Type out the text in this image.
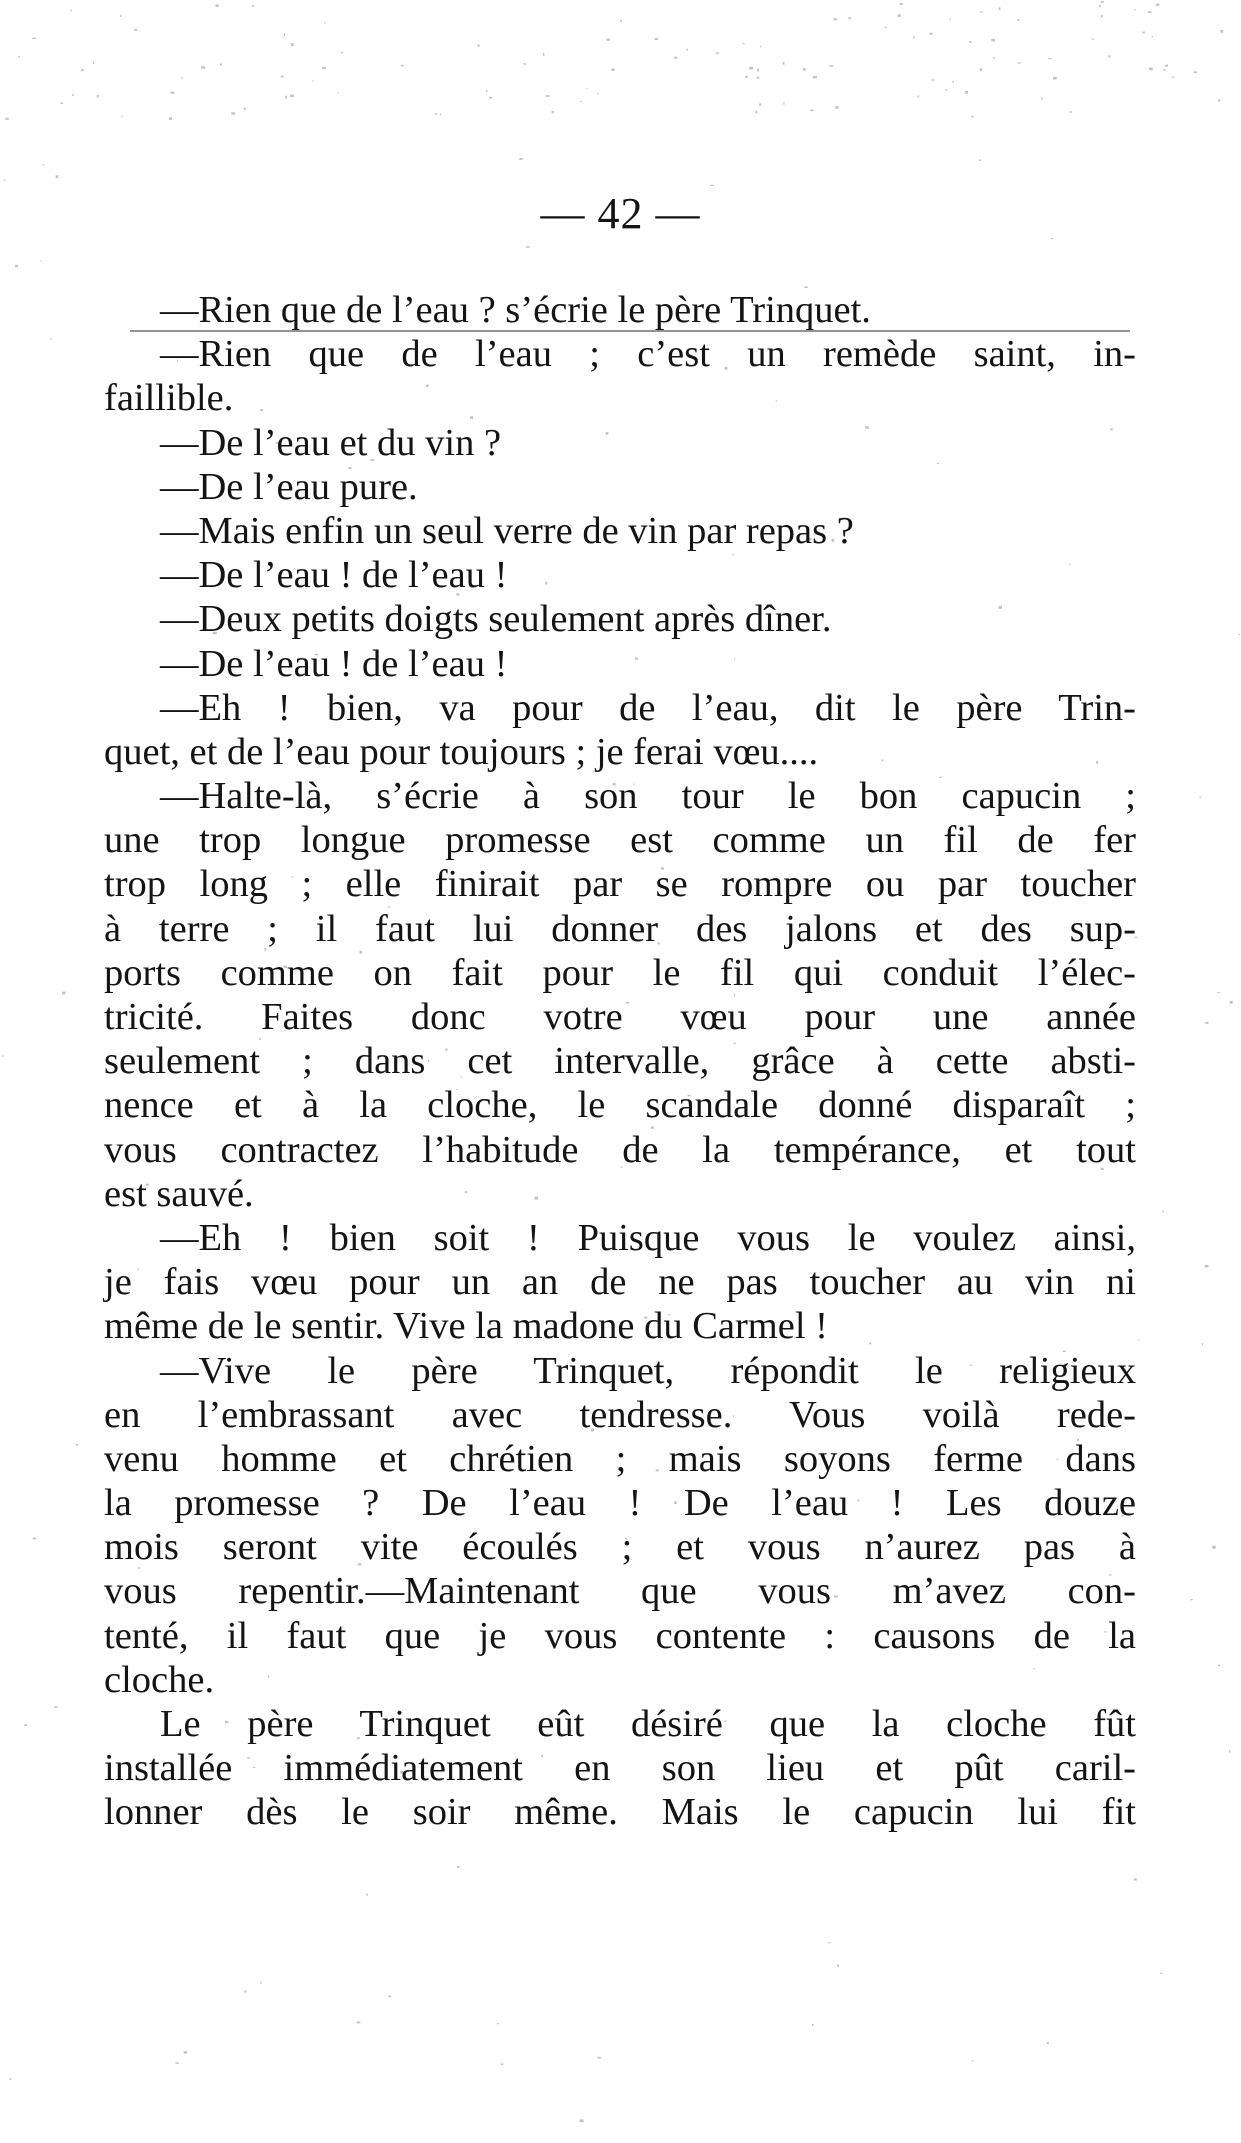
— 42 —
—Rien que de l’eau ? s’écrie le père Trinquet.
—Rien que de l’eau ; c’est un remède saint, in-
faillible.
—De l’eau et du vin ?
—De l’eau pure.
—Mais enfin un seul verre de vin par repas ?
—De l’eau ! de l’eau !
—Deux petits doigts seulement après dîner.
—De l’eau ! de l’eau !
—Eh ! bien, va pour de l’eau, dit le père Trin-
quet, et de l’eau pour toujours ; je ferai vœu....
—Halte-là, s’écrie à son tour le bon capucin ;
une trop longue promesse est comme un fil de fer
trop long ; elle finirait par se rompre ou par toucher
à terre ; il faut lui donner des jalons et des sup-
ports comme on fait pour le fil qui conduit l’élec-
tricité. Faites donc votre vœu pour une année
seulement ; dans cet intervalle, grâce à cette absti-
nence et à la cloche, le scandale donné disparaît ;
vous contractez l’habitude de la tempérance, et tout
est sauvé.
—Eh ! bien soit ! Puisque vous le voulez ainsi,
je fais vœu pour un an de ne pas toucher au vin ni
même de le sentir. Vive la madone du Carmel !
—Vive le père Trinquet, répondit le religieux
en l’embrassant avec tendresse. Vous voilà rede-
venu homme et chrétien ; mais soyons ferme dans
la promesse ? De l’eau ! De l’eau ! Les douze
mois seront vite écoulés ; et vous n’aurez pas à
vous repentir.—Maintenant que vous m’avez con-
tenté, il faut que je vous contente : causons de la
cloche.
Le père Trinquet eût désiré que la cloche fût
installée immédiatement en son lieu et pût caril-
lonner dès le soir même. Mais le capucin lui fit
